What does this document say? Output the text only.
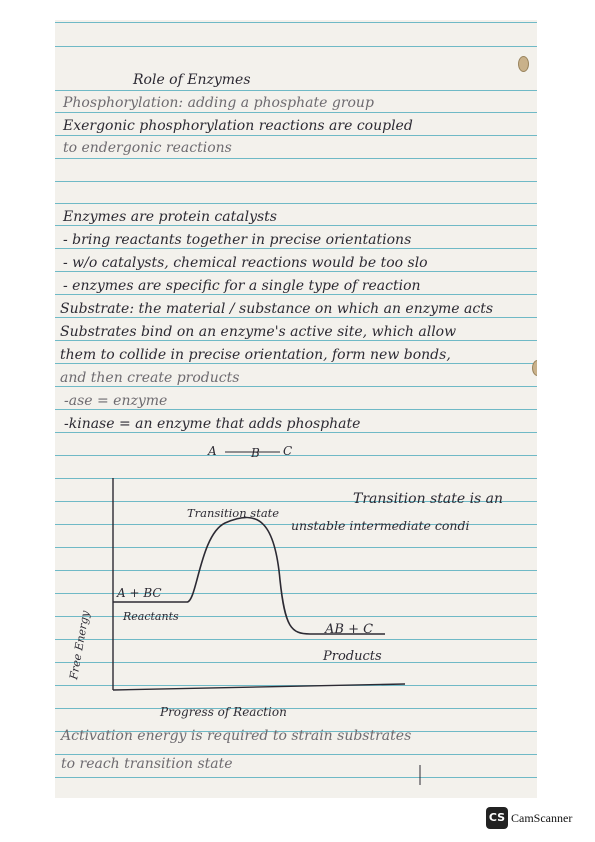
Role of Enzymes
Phosphorylation: adding a phosphate group
Exergonic phosphorylation reactions are coupled
to endergonic reactions
Enzymes are protein catalysts
- bring reactants together in precise orientations
- w/o catalysts, chemical reactions would be too slo
- enzymes are specific for a single type of reaction
Substrate: the material / substance on which an enzyme acts
Substrates bind on an enzyme's active site, which allow
them to collide in precise orientation, form new bonds,
and then create products
-ase = enzyme
-kinase = an enzyme that adds phosphate
A	B C
Transition state
Transition state is an
unstable intermediate condi
A + BC
Reactants
AB + C
Products
Free Energy
Progress of Reaction
Activation energy is required to strain substrates
to reach transition state
CS CamScanner
